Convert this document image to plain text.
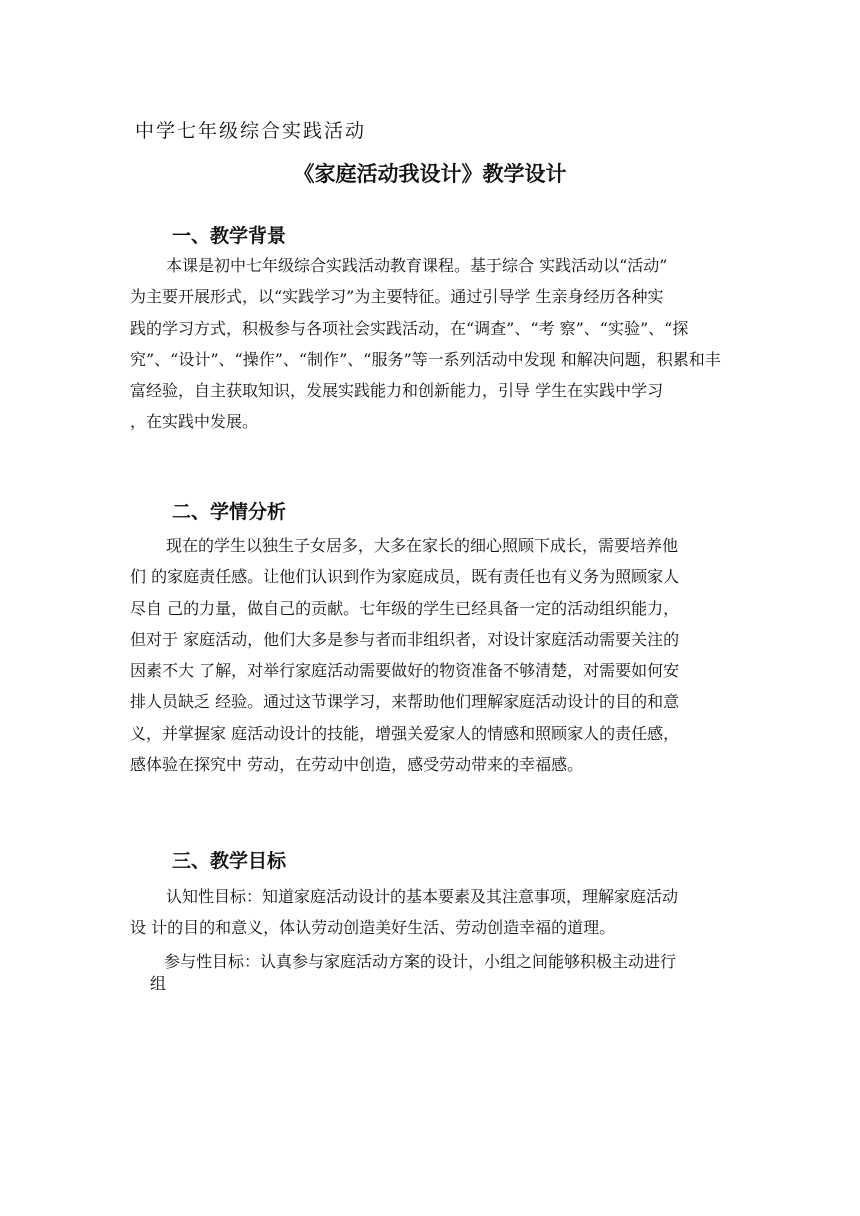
中学七年级综合实践活动
《家庭活动我设计》教学设计
一、教学背景
本课是初中七年级综合实践活动教育课程。基于综合 实践活动以“活动”
为主要开展形式，以“实践学习”为主要特征。通过引导学 生亲身经历各种实
践的学习方式，积极参与各项社会实践活动，在“调查”、“考 察”、“实验”、“探
究”、“设计”、“操作”、“制作”、“服务”等一系列活动中发现 和解决问题，积累和丰
富经验，自主获取知识，发展实践能力和创新能力，引导 学生在实践中学习
，在实践中发展。
二、学情分析
现在的学生以独生子女居多，大多在家长的细心照顾下成长，需要培养他
们 的家庭责任感。让他们认识到作为家庭成员，既有责任也有义务为照顾家人
尽自 己的力量，做自己的贡献。七年级的学生已经具备一定的活动组织能力，
但对于 家庭活动，他们大多是参与者而非组织者，对设计家庭活动需要关注的
因素不大 了解，对举行家庭活动需要做好的物资准备不够清楚，对需要如何安
排人员缺乏 经验。通过这节课学习，来帮助他们理解家庭活动设计的目的和意
义，并掌握家 庭活动设计的技能，增强关爱家人的情感和照顾家人的责任感，
感体验在探究中 劳动，在劳动中创造，感受劳动带来的幸福感。
三、教学目标
认知性目标：知道家庭活动设计的基本要素及其注意事项，理解家庭活动
设 计的目的和意义，体认劳动创造美好生活、劳动创造幸福的道理。
参与性目标：认真参与家庭活动方案的设计，小组之间能够积极主动进行
组
